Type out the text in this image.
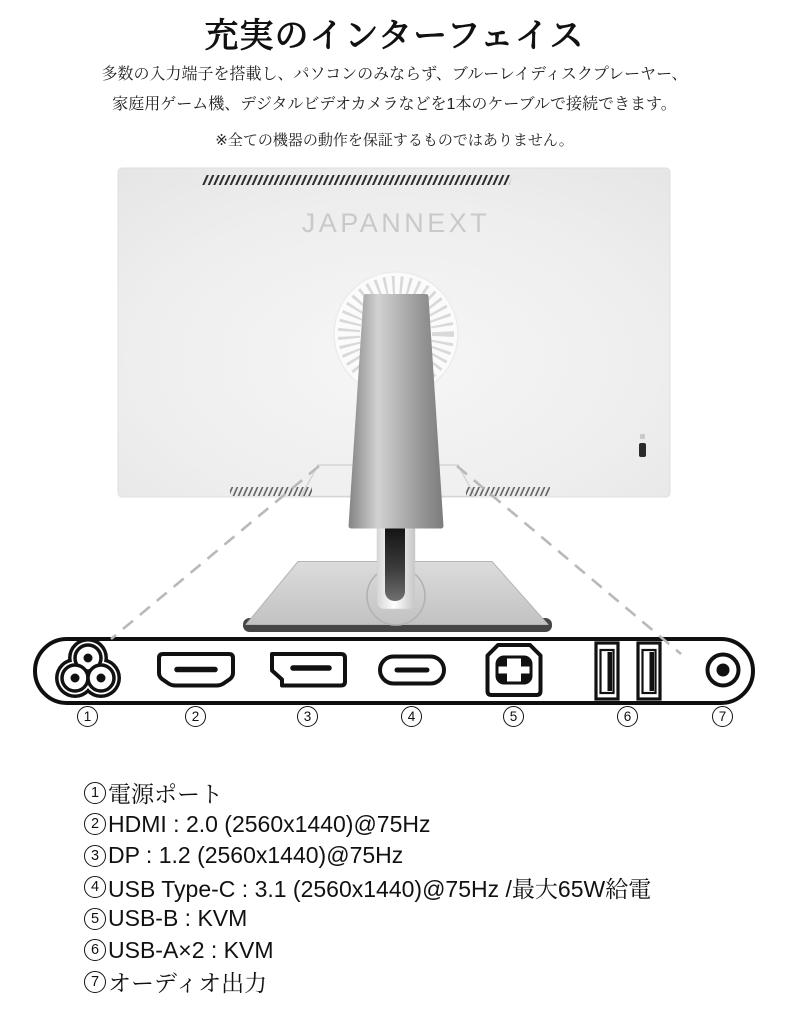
充実のインターフェイス

多数の入力端子を搭載し、パソコンのみならず、ブルーレイディスクプレーヤー、
家庭用ゲーム機、デジタルビデオカメラなどを1本のケーブルで接続できます。

※全ての機器の動作を保証するものではありません。

JAPANNEXT
1	2	3	4	5	6	7
1 電源ポート
2 HDMI : 2.0 (2560x1440)@75Hz
3 DP : 1.2 (2560x1440)@75Hz
4 USB Type-C : 3.1 (2560x1440)@75Hz /最大65W給電
5 USB-B : KVM
6 USB-A×2 : KVM
7 オーディオ出力
